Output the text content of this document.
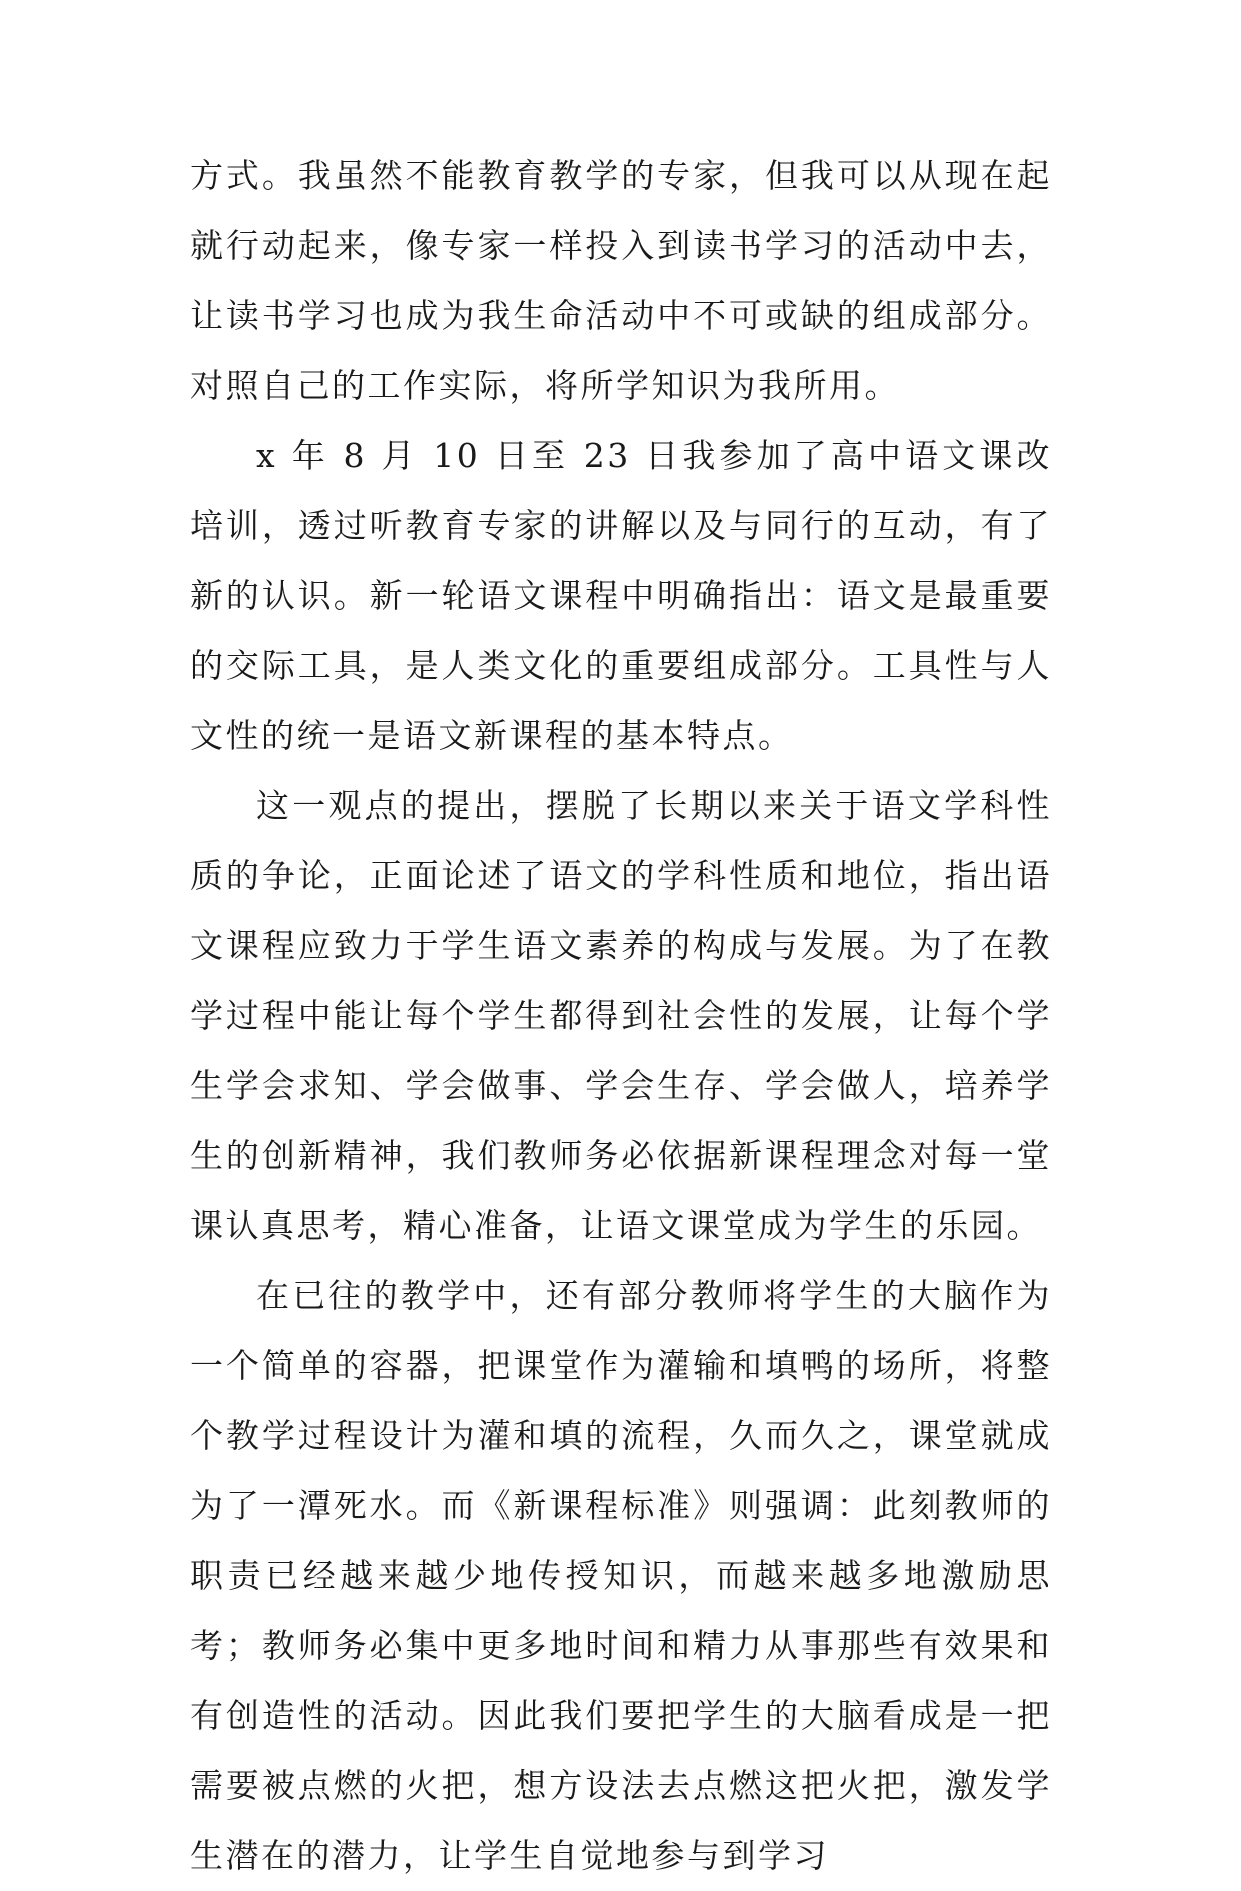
方式。我虽然不能教育教学的专家，但我可以从现在起就行动起来，像专家一样投入到读书学习的活动中去，让读书学习也成为我生命活动中不可或缺的组成部分。对照自己的工作实际，将所学知识为我所用。

x 年 8 月 10 日至 23 日我参加了高中语文课改培训，透过听教育专家的讲解以及与同行的互动，有了新的认识。新一轮语文课程中明确指出：语文是最重要的交际工具，是人类文化的重要组成部分。工具性与人文性的统一是语文新课程的基本特点。

这一观点的提出，摆脱了长期以来关于语文学科性质的争论，正面论述了语文的学科性质和地位，指出语文课程应致力于学生语文素养的构成与发展。为了在教学过程中能让每个学生都得到社会性的发展，让每个学生学会求知、学会做事、学会生存、学会做人，培养学生的创新精神，我们教师务必依据新课程理念对每一堂课认真思考，精心准备，让语文课堂成为学生的乐园。

在已往的教学中，还有部分教师将学生的大脑作为一个简单的容器，把课堂作为灌输和填鸭的场所，将整个教学过程设计为灌和填的流程，久而久之，课堂就成为了一潭死水。而《新课程标准》则强调：此刻教师的职责已经越来越少地传授知识，而越来越多地激励思考；教师务必集中更多地时间和精力从事那些有效果和有创造性的活动。因此我们要把学生的大脑看成是一把需要被点燃的火把，想方设法去点燃这把火把，激发学生潜在的潜力，让学生自觉地参与到学习
